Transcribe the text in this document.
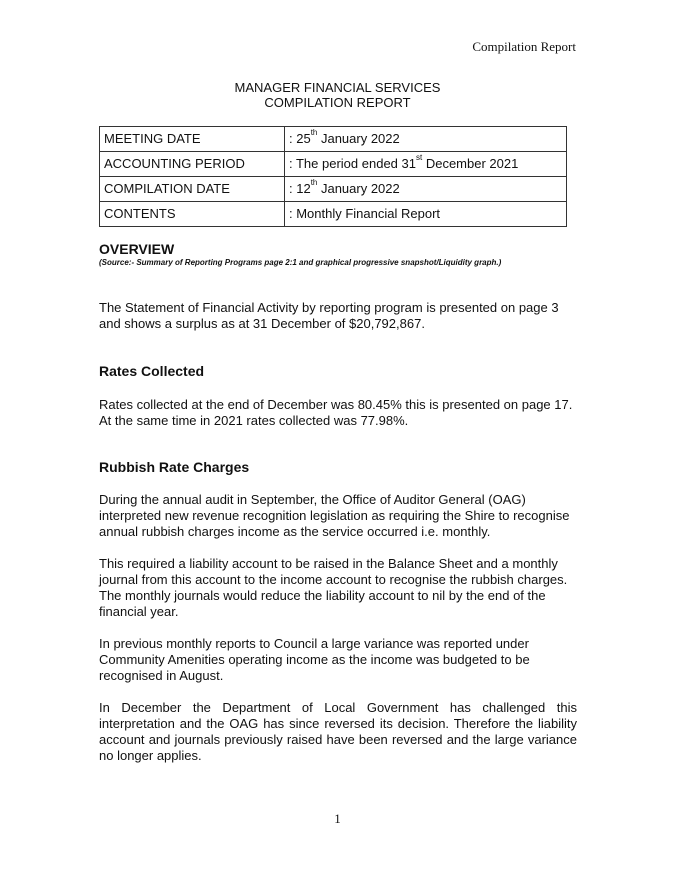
Compilation Report
MANAGER FINANCIAL SERVICES
COMPILATION REPORT
MEETING DATE	: 25th January 2022
ACCOUNTING PERIOD	: The period ended 31st December 2021
COMPILATION DATE	: 12th January 2022
CONTENTS	: Monthly Financial Report
OVERVIEW
(Source:- Summary of Reporting Programs page 2:1 and graphical progressive snapshot/Liquidity graph.)
The Statement of Financial Activity by reporting program is presented on page 3 and shows a surplus as at 31 December of $20,792,867.
Rates Collected
Rates collected at the end of December was 80.45% this is presented on page 17. At the same time in 2021 rates collected was 77.98%.
Rubbish Rate Charges
During the annual audit in September, the Office of Auditor General (OAG) interpreted new revenue recognition legislation as requiring the Shire to recognise annual rubbish charges income as the service occurred i.e. monthly.
This required a liability account to be raised in the Balance Sheet and a monthly journal from this account to the income account to recognise the rubbish charges. The monthly journals would reduce the liability account to nil by the end of the financial year.
In previous monthly reports to Council a large variance was reported under Community Amenities operating income as the income was budgeted to be recognised in August.
In December the Department of Local Government has challenged this interpretation and the OAG has since reversed its decision. Therefore the liability account and journals previously raised have been reversed and the large variance no longer applies.
1
